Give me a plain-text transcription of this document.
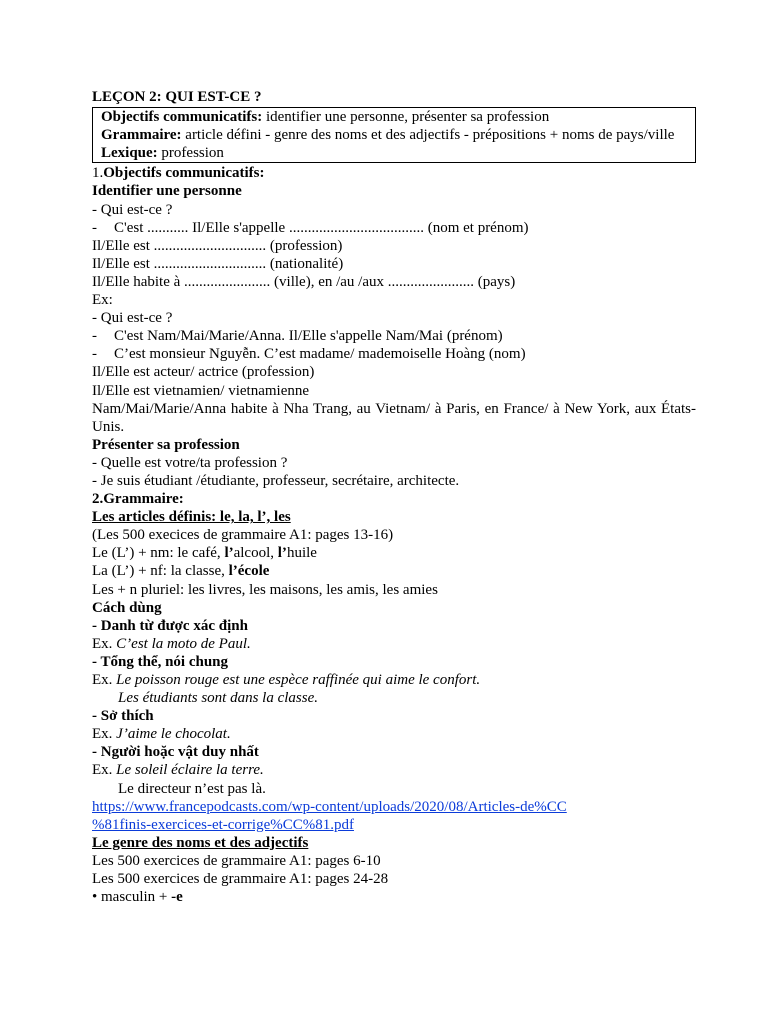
LEÇON 2: QUI EST-CE ?
Objectifs communicatifs: identifier une personne, présenter sa profession
Grammaire: article défini - genre des noms et des adjectifs - prépositions + noms de pays/ville
Lexique: profession
1.Objectifs communicatifs:
Identifier une personne
- Qui est-ce ?
- C'est ........... Il/Elle s'appelle .................................... (nom et prénom)
Il/Elle est .............................. (profession)
Il/Elle est .............................. (nationalité)
Il/Elle habite à ....................... (ville), en /au /aux ....................... (pays)
Ex:
- Qui est-ce ?
- C'est Nam/Mai/Marie/Anna. Il/Elle s'appelle Nam/Mai (prénom)
- C’est monsieur Nguyễn. C’est madame/ mademoiselle Hoàng (nom)
Il/Elle est acteur/ actrice (profession)
Il/Elle est vietnamien/ vietnamienne
Nam/Mai/Marie/Anna habite à Nha Trang, au Vietnam/ à Paris, en France/ à New York, aux États-Unis.
Présenter sa profession
- Quelle est votre/ta profession ?
- Je suis étudiant /étudiante, professeur, secrétaire, architecte.
2.Grammaire:
Les articles définis: le, la, l’, les
(Les 500 execices de grammaire A1: pages 13-16)
Le (L’) + nm: le café, l’alcool, l’huile
La (L’) + nf: la classe, l’école
Les + n pluriel: les livres, les maisons, les amis, les amies
Cách dùng
- Danh từ được xác định
Ex. C’est la moto de Paul.
- Tổng thể, nói chung
Ex. Le poisson rouge est une espèce raffinée qui aime le confort.
Les étudiants sont dans la classe.
- Sở thích
Ex. J’aime le chocolat.
- Người hoặc vật duy nhất
Ex. Le soleil éclaire la terre.
Le directeur n’est pas là.
https://www.francepodcasts.com/wp-content/uploads/2020/08/Articles-de%CC
%81finis-exercices-et-corrige%CC%81.pdf
Le genre des noms et des adjectifs
Les 500 exercices de grammaire A1: pages 6-10
Les 500 exercices de grammaire A1: pages 24-28
• masculin + -e
